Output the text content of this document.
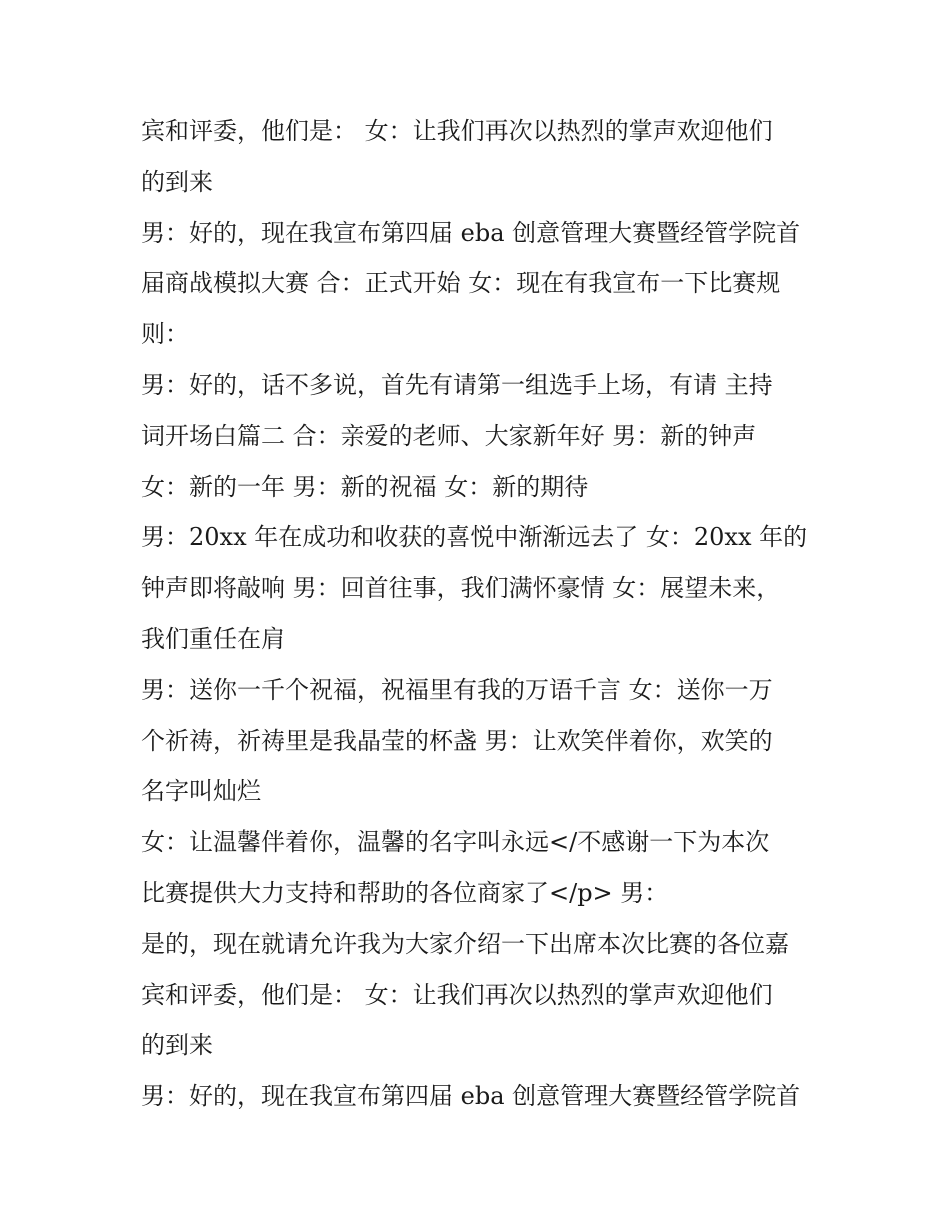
宾和评委，他们是： 女：让我们再次以热烈的掌声欢迎他们
的到来
男：好的，现在我宣布第四届 eba 创意管理大赛暨经管学院首
届商战模拟大赛 合：正式开始 女：现在有我宣布一下比赛规
则：
男：好的，话不多说，首先有请第一组选手上场，有请 主持
词开场白篇二 合：亲爱的老师、大家新年好 男：新的钟声
女：新的一年 男：新的祝福 女：新的期待
男：20xx 年在成功和收获的喜悦中渐渐远去了 女：20xx 年的
钟声即将敲响 男：回首往事，我们满怀豪情 女：展望未来，
我们重任在肩
男：送你一千个祝福，祝福里有我的万语千言 女：送你一万
个祈祷，祈祷里是我晶莹的杯盏 男：让欢笑伴着你，欢笑的
名字叫灿烂
女：让温馨伴着你，温馨的名字叫永远</不感谢一下为本次
比赛提供大力支持和帮助的各位商家了</p> 男：
是的，现在就请允许我为大家介绍一下出席本次比赛的各位嘉
宾和评委，他们是： 女：让我们再次以热烈的掌声欢迎他们
的到来
男：好的，现在我宣布第四届 eba 创意管理大赛暨经管学院首
